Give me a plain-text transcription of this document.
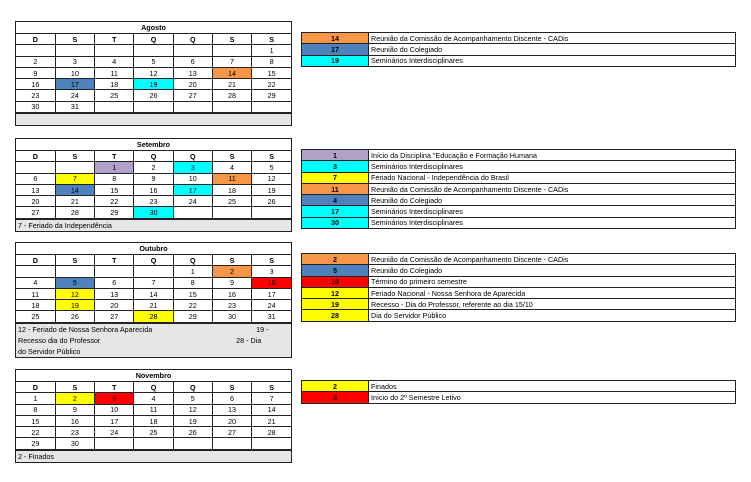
Agosto
D	S	T	Q	Q	S	S
						1
2	3	4	5	6	7	8
9	10	11	12	13	14	15
16	17	18	19	20	21	22
23	24	25	26	27	28	29
30	31					
Setembro
D	S	T	Q	Q	S	S
		1	2	3	4	5
6	7	8	9	10	11	12
13	14	15	16	17	18	19
20	21	22	23	24	25	26
27	28	29	30			
7 - Feriado da Independência
Outubro
D	S	T	Q	Q	S	S
				1	2	3
4	5	6	7	8	9	10
11	12	13	14	15	16	17
18	19	20	21	22	23	24
25	26	27	28	29	30	31
12 - Feriado de Nossa Senhora Aparecida                                                    19 -
Recesso dia do Professor                                                                    28 - Dia
do Servidor Público
Novembro
D	S	T	Q	Q	S	S
1	2	3	4	5	6	7
8	9	10	11	12	13	14
15	16	17	18	19	20	21
22	23	24	25	26	27	28
29	30					
2 - Finados
14	Reunião da Comissão de Acompanhamento Discente - CADis
17	Reunião do Colegiado
19	Seminários Interdisciplinares
1	Início da Disciplina "Educação e Formação Humana
3	Seminários Interdisciplinares
7	Feriado Nacional - Independência do Brasil
11	Reunião da Comissão de Acompanhamento Discente - CADis
4	Reunião do Colegiado
17	Seminários Interdisciplinares
30	Seminários Interdisciplinares
2	Reunião da Comissão de Acompanhamento Discente - CADis
5	Reunião do Colegiado
10	Término do primeiro semestre
12	Feriado Nacional - Nossa Senhora de Aparecida
19	Recesso - Dia do Professor, referente ao dia 15/10
28	Dia do Servidor Público
2	Finados
3	Início do 2º Semestre Letivo
